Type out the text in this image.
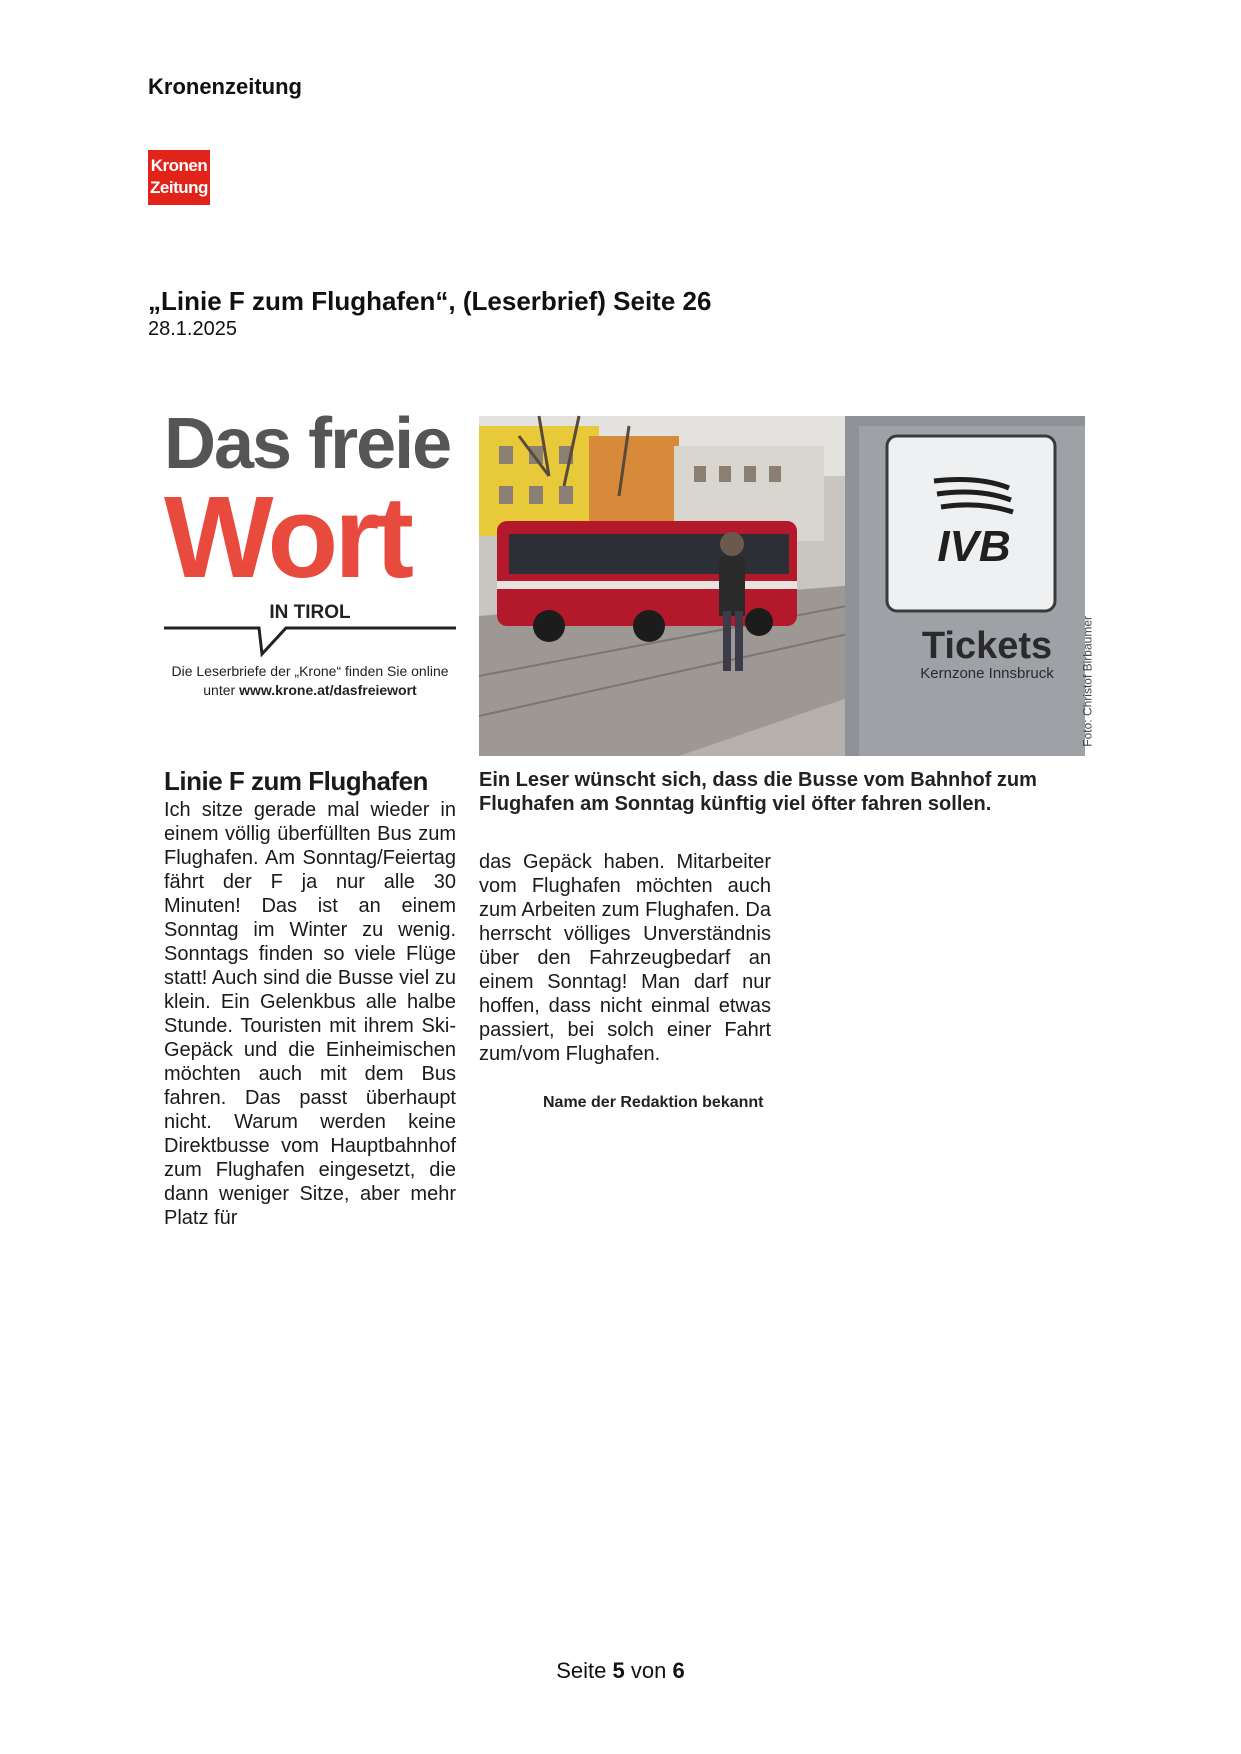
Kronenzeitung
Kronen
Zeitung
„Linie F zum Flughafen“, (Leserbrief) Seite 26
28.1.2025
Das freie
Wort
IN TIROL
Die Leserbriefe der „Krone“ finden Sie online unter www.krone.at/dasfreiewort
IVB
Tickets
Kernzone Innsbruck Foto: Christof Birbaumer
Ein Leser wünscht sich, dass die Busse vom Bahnhof zum Flughafen am Sonntag künftig viel öfter fahren sollen.
Linie F zum Flughafen
Ich sitze gerade mal wieder in einem völlig überfüllten Bus zum Flughafen. Am Sonntag/Feiertag fährt der F ja nur alle 30 Minuten! Das ist an einem Sonntag im Winter zu wenig. Sonntags finden so viele Flüge statt! Auch sind die Busse viel zu klein. Ein Gelenkbus alle halbe Stunde. Touristen mit ihrem Ski-Gepäck und die Einheimischen möchten auch mit dem Bus fahren. Das passt überhaupt nicht. Warum werden keine Direktbusse vom Hauptbahnhof zum Flughafen eingesetzt, die dann weniger Sitze, aber mehr Platz für
das Gepäck haben. Mitarbeiter vom Flughafen möchten auch zum Arbeiten zum Flughafen. Da herrscht völliges Unverständnis über den Fahrzeugbedarf an einem Sonntag! Man darf nur hoffen, dass nicht einmal etwas passiert, bei solch einer Fahrt zum/vom Flughafen.
Name der Redaktion bekannt
Seite 5 von 6
